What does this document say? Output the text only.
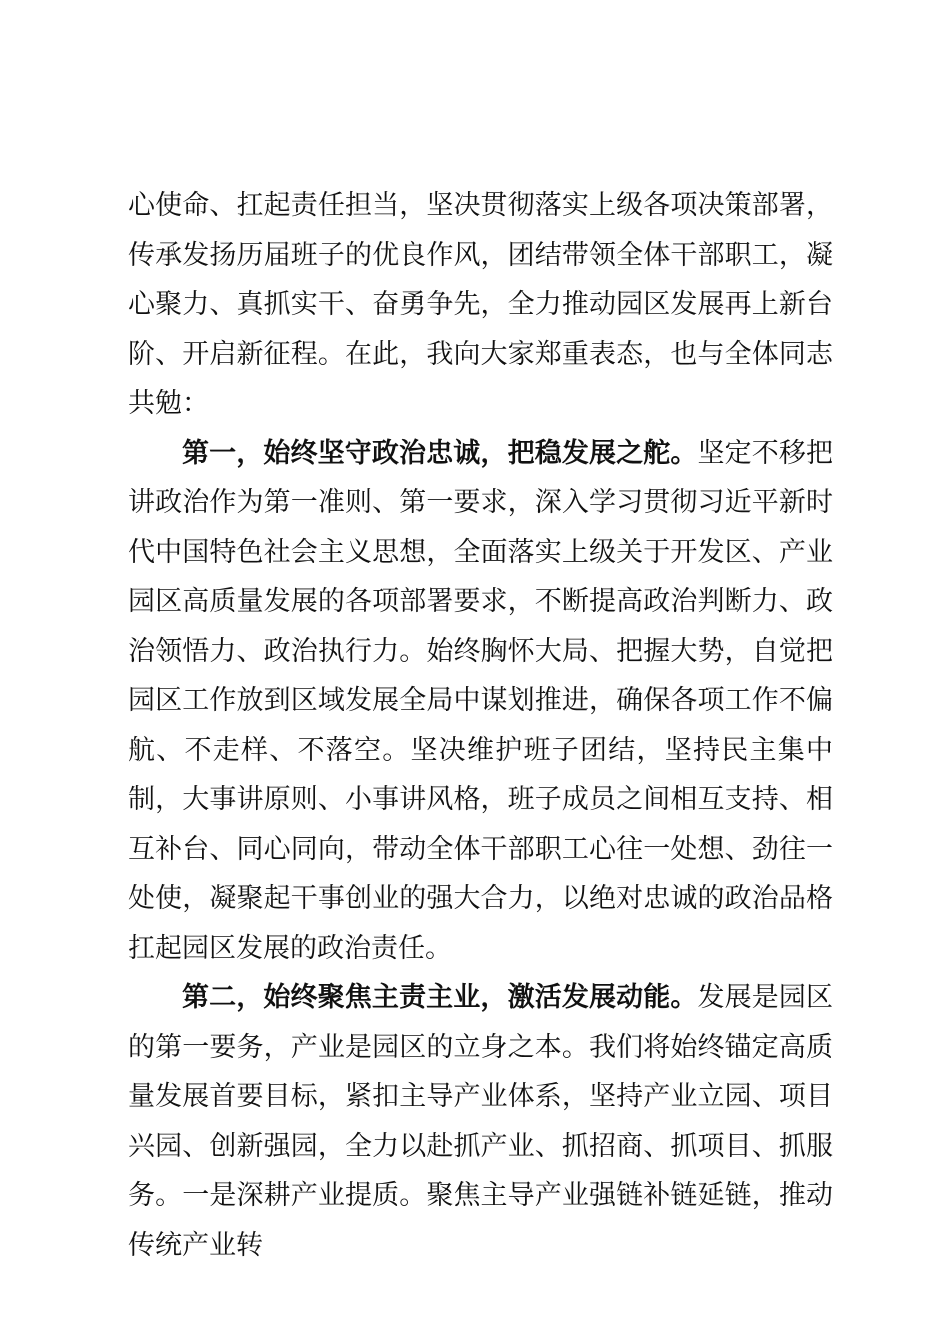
心使命、扛起责任担当，坚决贯彻落实上级各项决策部署，传承发扬历届班子的优良作风，团结带领全体干部职工，凝心聚力、真抓实干、奋勇争先，全力推动园区发展再上新台阶、开启新征程。在此，我向大家郑重表态，也与全体同志共勉：

第一，始终坚守政治忠诚，把稳发展之舵。坚定不移把讲政治作为第一准则、第一要求，深入学习贯彻习近平新时代中国特色社会主义思想，全面落实上级关于开发区、产业园区高质量发展的各项部署要求，不断提高政治判断力、政治领悟力、政治执行力。始终胸怀大局、把握大势，自觉把园区工作放到区域发展全局中谋划推进，确保各项工作不偏航、不走样、不落空。坚决维护班子团结，坚持民主集中制，大事讲原则、小事讲风格，班子成员之间相互支持、相互补台、同心同向，带动全体干部职工心往一处想、劲往一处使，凝聚起干事创业的强大合力，以绝对忠诚的政治品格扛起园区发展的政治责任。

第二，始终聚焦主责主业，激活发展动能。发展是园区的第一要务，产业是园区的立身之本。我们将始终锚定高质量发展首要目标，紧扣主导产业体系，坚持产业立园、项目兴园、创新强园，全力以赴抓产业、抓招商、抓项目、抓服务。一是深耕产业提质。聚焦主导产业强链补链延链，推动传统产业转
